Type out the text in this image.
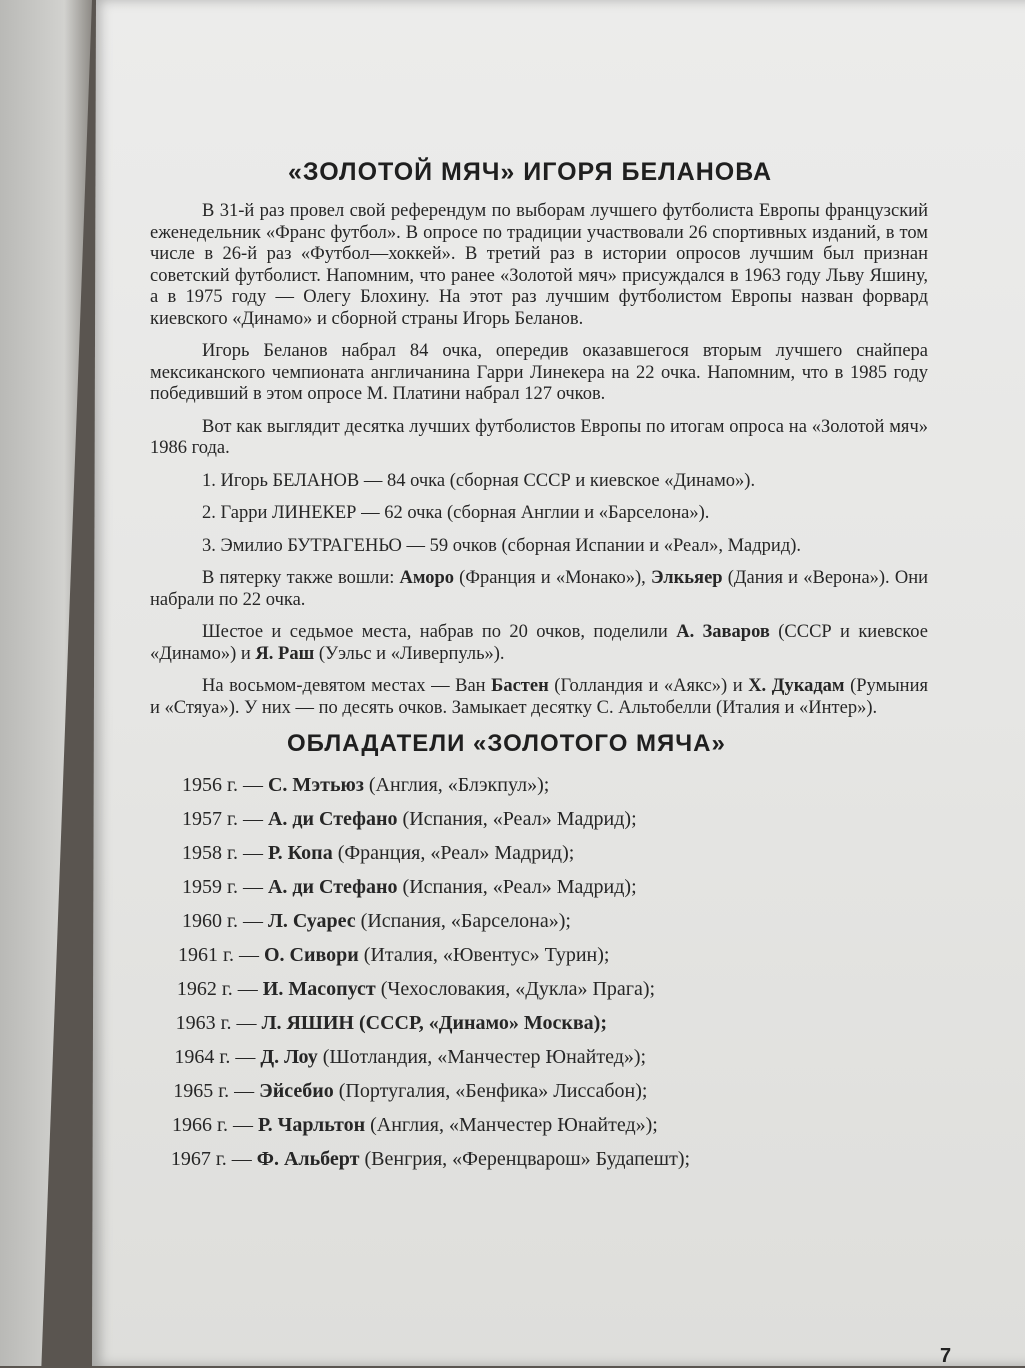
«ЗОЛОТОЙ МЯЧ» ИГОРЯ БЕЛАНОВА

В 31-й раз провел свой референдум по выборам лучшего футболиста Европы французский еженедельник «Франс футбол». В опросе по традиции участвовали 26 спортивных изданий, в том числе в 26-й раз «Футбол—хоккей». В третий раз в истории опросов лучшим был признан советский футболист. Напомним, что ранее «Золотой мяч» присуждался в 1963 году Льву Яшину, а в 1975 году — Олегу Блохину. На этот раз лучшим футболистом Европы назван форвард киевского «Динамо» и сборной страны Игорь Беланов.

Игорь Беланов набрал 84 очка, опередив оказавшегося вторым лучшего снайпера мексиканского чемпионата англичанина Гарри Линекера на 22 очка. Напомним, что в 1985 году победивший в этом опросе М. Платини набрал 127 очков.

Вот как выглядит десятка лучших футболистов Европы по итогам опроса на «Золотой мяч» 1986 года.

1. Игорь БЕЛАНОВ — 84 очка (сборная СССР и киевское «Динамо»).

2. Гарри ЛИНЕКЕР — 62 очка (сборная Англии и «Барселона»).

3. Эмилио БУТРАГЕНЬО — 59 очков (сборная Испании и «Реал», Мадрид).

В пятерку также вошли: Аморо (Франция и «Монако»), Элкьяер (Дания и «Верона»). Они набрали по 22 очка.

Шестое и седьмое места, набрав по 20 очков, поделили А. Заваров (СССР и киевское «Динамо») и Я. Раш (Уэльс и «Ливерпуль»).

На восьмом-девятом местах — Ван Бастен (Голландия и «Аякс») и Х. Дукадам (Румыния и «Стяуа»). У них — по десять очков. Замыкает десятку С. Альтобелли (Италия и «Интер»).

ОБЛАДАТЕЛИ «ЗОЛОТОГО МЯЧА»
1956 г. — С. Мэтьюз (Англия, «Блэкпул»);
1957 г. — А. ди Стефано (Испания, «Реал» Мадрид);
1958 г. — Р. Копа (Франция, «Реал» Мадрид);
1959 г. — А. ди Стефано (Испания, «Реал» Мадрид);
1960 г. — Л. Суарес (Испания, «Барселона»);
1961 г. — О. Сивори (Италия, «Ювентус» Турин);
1962 г. — И. Масопуст (Чехословакия, «Дукла» Прага);
1963 г. — Л. ЯШИН (СССР, «Динамо» Москва);
1964 г. — Д. Лоу (Шотландия, «Манчестер Юнайтед»);
1965 г. — Эйсебио (Португалия, «Бенфика» Лиссабон);
1966 г. — Р. Чарльтон (Англия, «Манчестер Юнайтед»);
1967 г. — Ф. Альберт (Венгрия, «Ференцварош» Будапешт);
7
